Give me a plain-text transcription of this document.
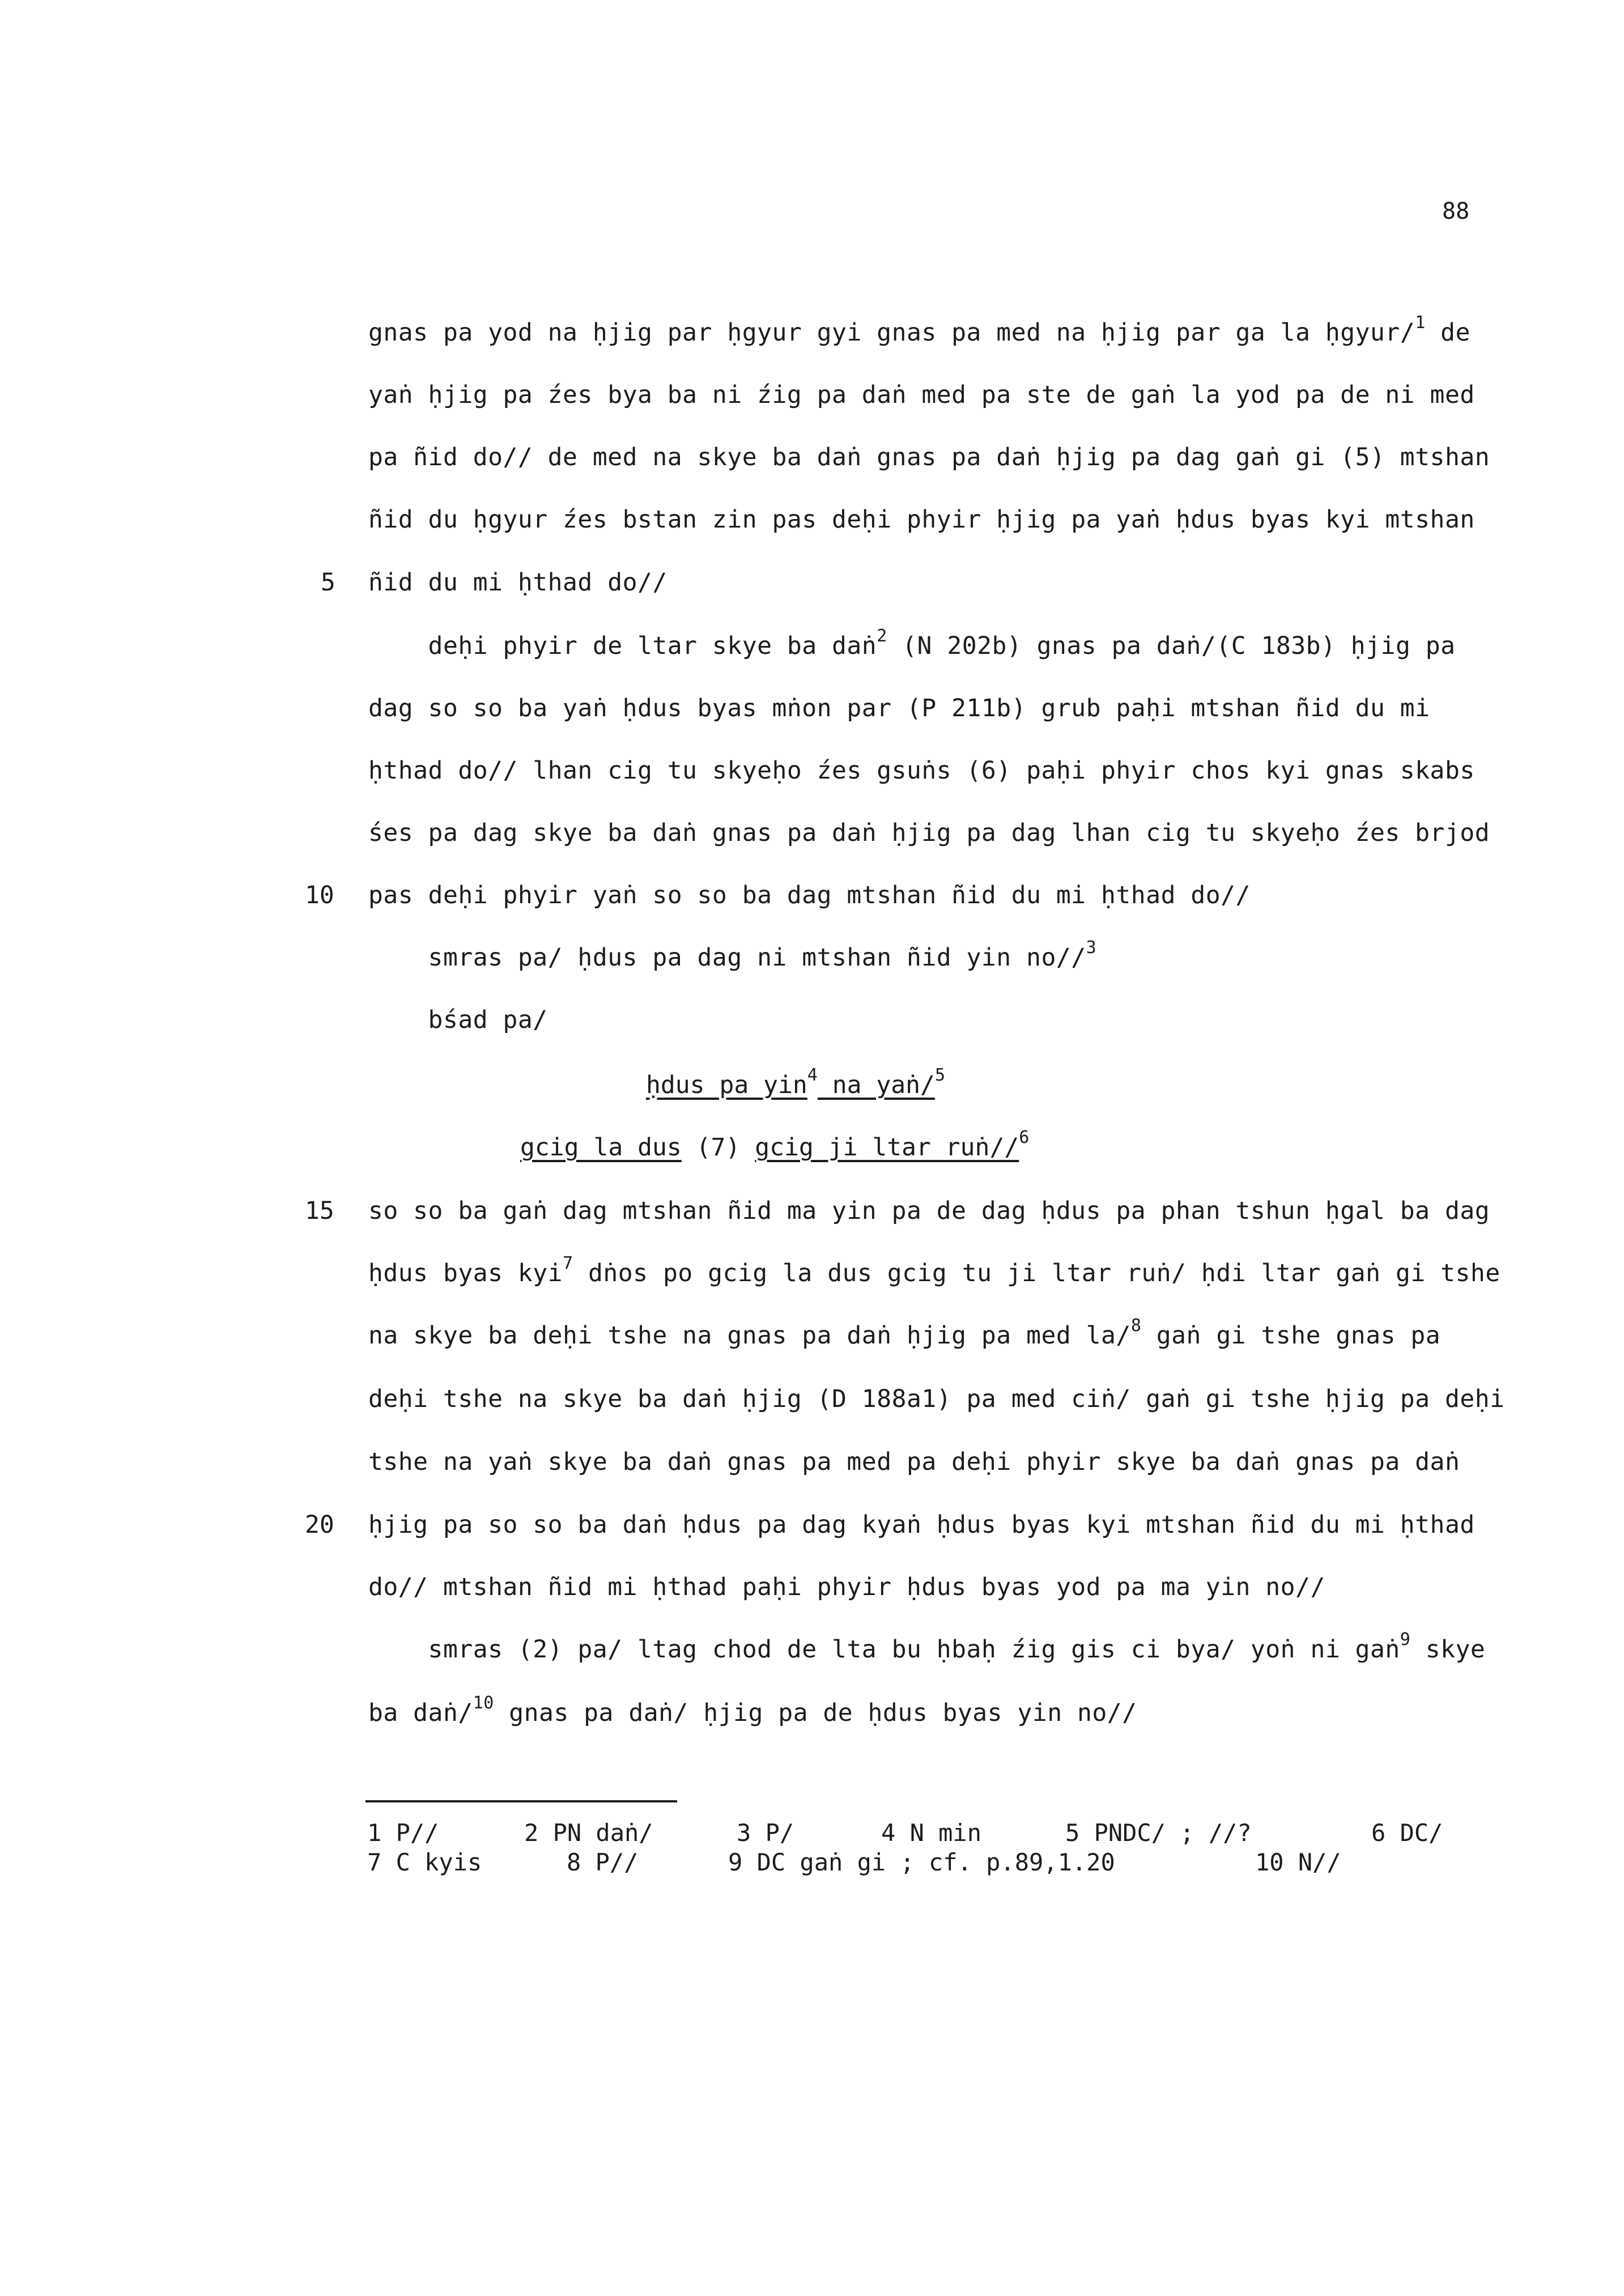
88
5
10
15
20
gnas pa yod na ḥjig par ḥgyur gyi gnas pa med na ḥjig par ga la ḥgyur/$^1$ de
yaṅ ḥjig pa źes bya ba ni źig pa daṅ med pa ste de gaṅ la yod pa de ni med
pa ñid do// de med na skye ba daṅ gnas pa daṅ ḥjig pa dag gaṅ gi (5) mtshan
ñid du ḥgyur źes bstan zin pas deḥi phyir ḥjig pa yaṅ ḥdus byas kyi mtshan
ñid du mi ḥthad do//
deḥi phyir de ltar skye ba daṅ$^2$ (N 202b) gnas pa daṅ/(C 183b) ḥjig pa
dag so so ba yaṅ ḥdus byas mṅon par (P 211b) grub paḥi mtshan ñid du mi
ḥthad do// lhan cig tu skyeḥo źes gsuṅs (6) paḥi phyir chos kyi gnas skabs
śes pa dag skye ba daṅ gnas pa daṅ ḥjig pa dag lhan cig tu skyeḥo źes brjod
pas deḥi phyir yaṅ so so ba dag mtshan ñid du mi ḥthad do//
smras pa/ ḥdus pa dag ni mtshan ñid yin no//$^3$
bśad pa/
ḥdus pa yin$^4$ na yaṅ/$^5$
gcig la dus (7) gcig ji ltar ruṅ//$^6$
so so ba gaṅ dag mtshan ñid ma yin pa de dag ḥdus pa phan tshun ḥgal ba dag
ḥdus byas kyi$^7$ dṅos po gcig la dus gcig tu ji ltar ruṅ/ ḥdi ltar gaṅ gi tshe
na skye ba deḥi tshe na gnas pa daṅ ḥjig pa med la/$^8$ gaṅ gi tshe gnas pa
deḥi tshe na skye ba daṅ ḥjig (D 188a1) pa med ciṅ/ gaṅ gi tshe ḥjig pa deḥi
tshe na yaṅ skye ba daṅ gnas pa med pa deḥi phyir skye ba daṅ gnas pa daṅ
ḥjig pa so so ba daṅ ḥdus pa dag kyaṅ ḥdus byas kyi mtshan ñid du mi ḥthad
do// mtshan ñid mi ḥthad paḥi phyir ḥdus byas yod pa ma yin no//
smras (2) pa/ ltag chod de lta bu ḥbaḥ źig gis ci bya/ yoṅ ni gaṅ$^9$ skye
ba daṅ/$^{10}$ gnas pa daṅ/ ḥjig pa de ḥdus byas yin no//
1 P//	2 PN daṅ/	3 P/	4 N min	5 PNDC/ ; //?	6 DC/
7 C kyis	8 P//	9 DC gaṅ gi ; cf. p.89,1.20	10 N//
